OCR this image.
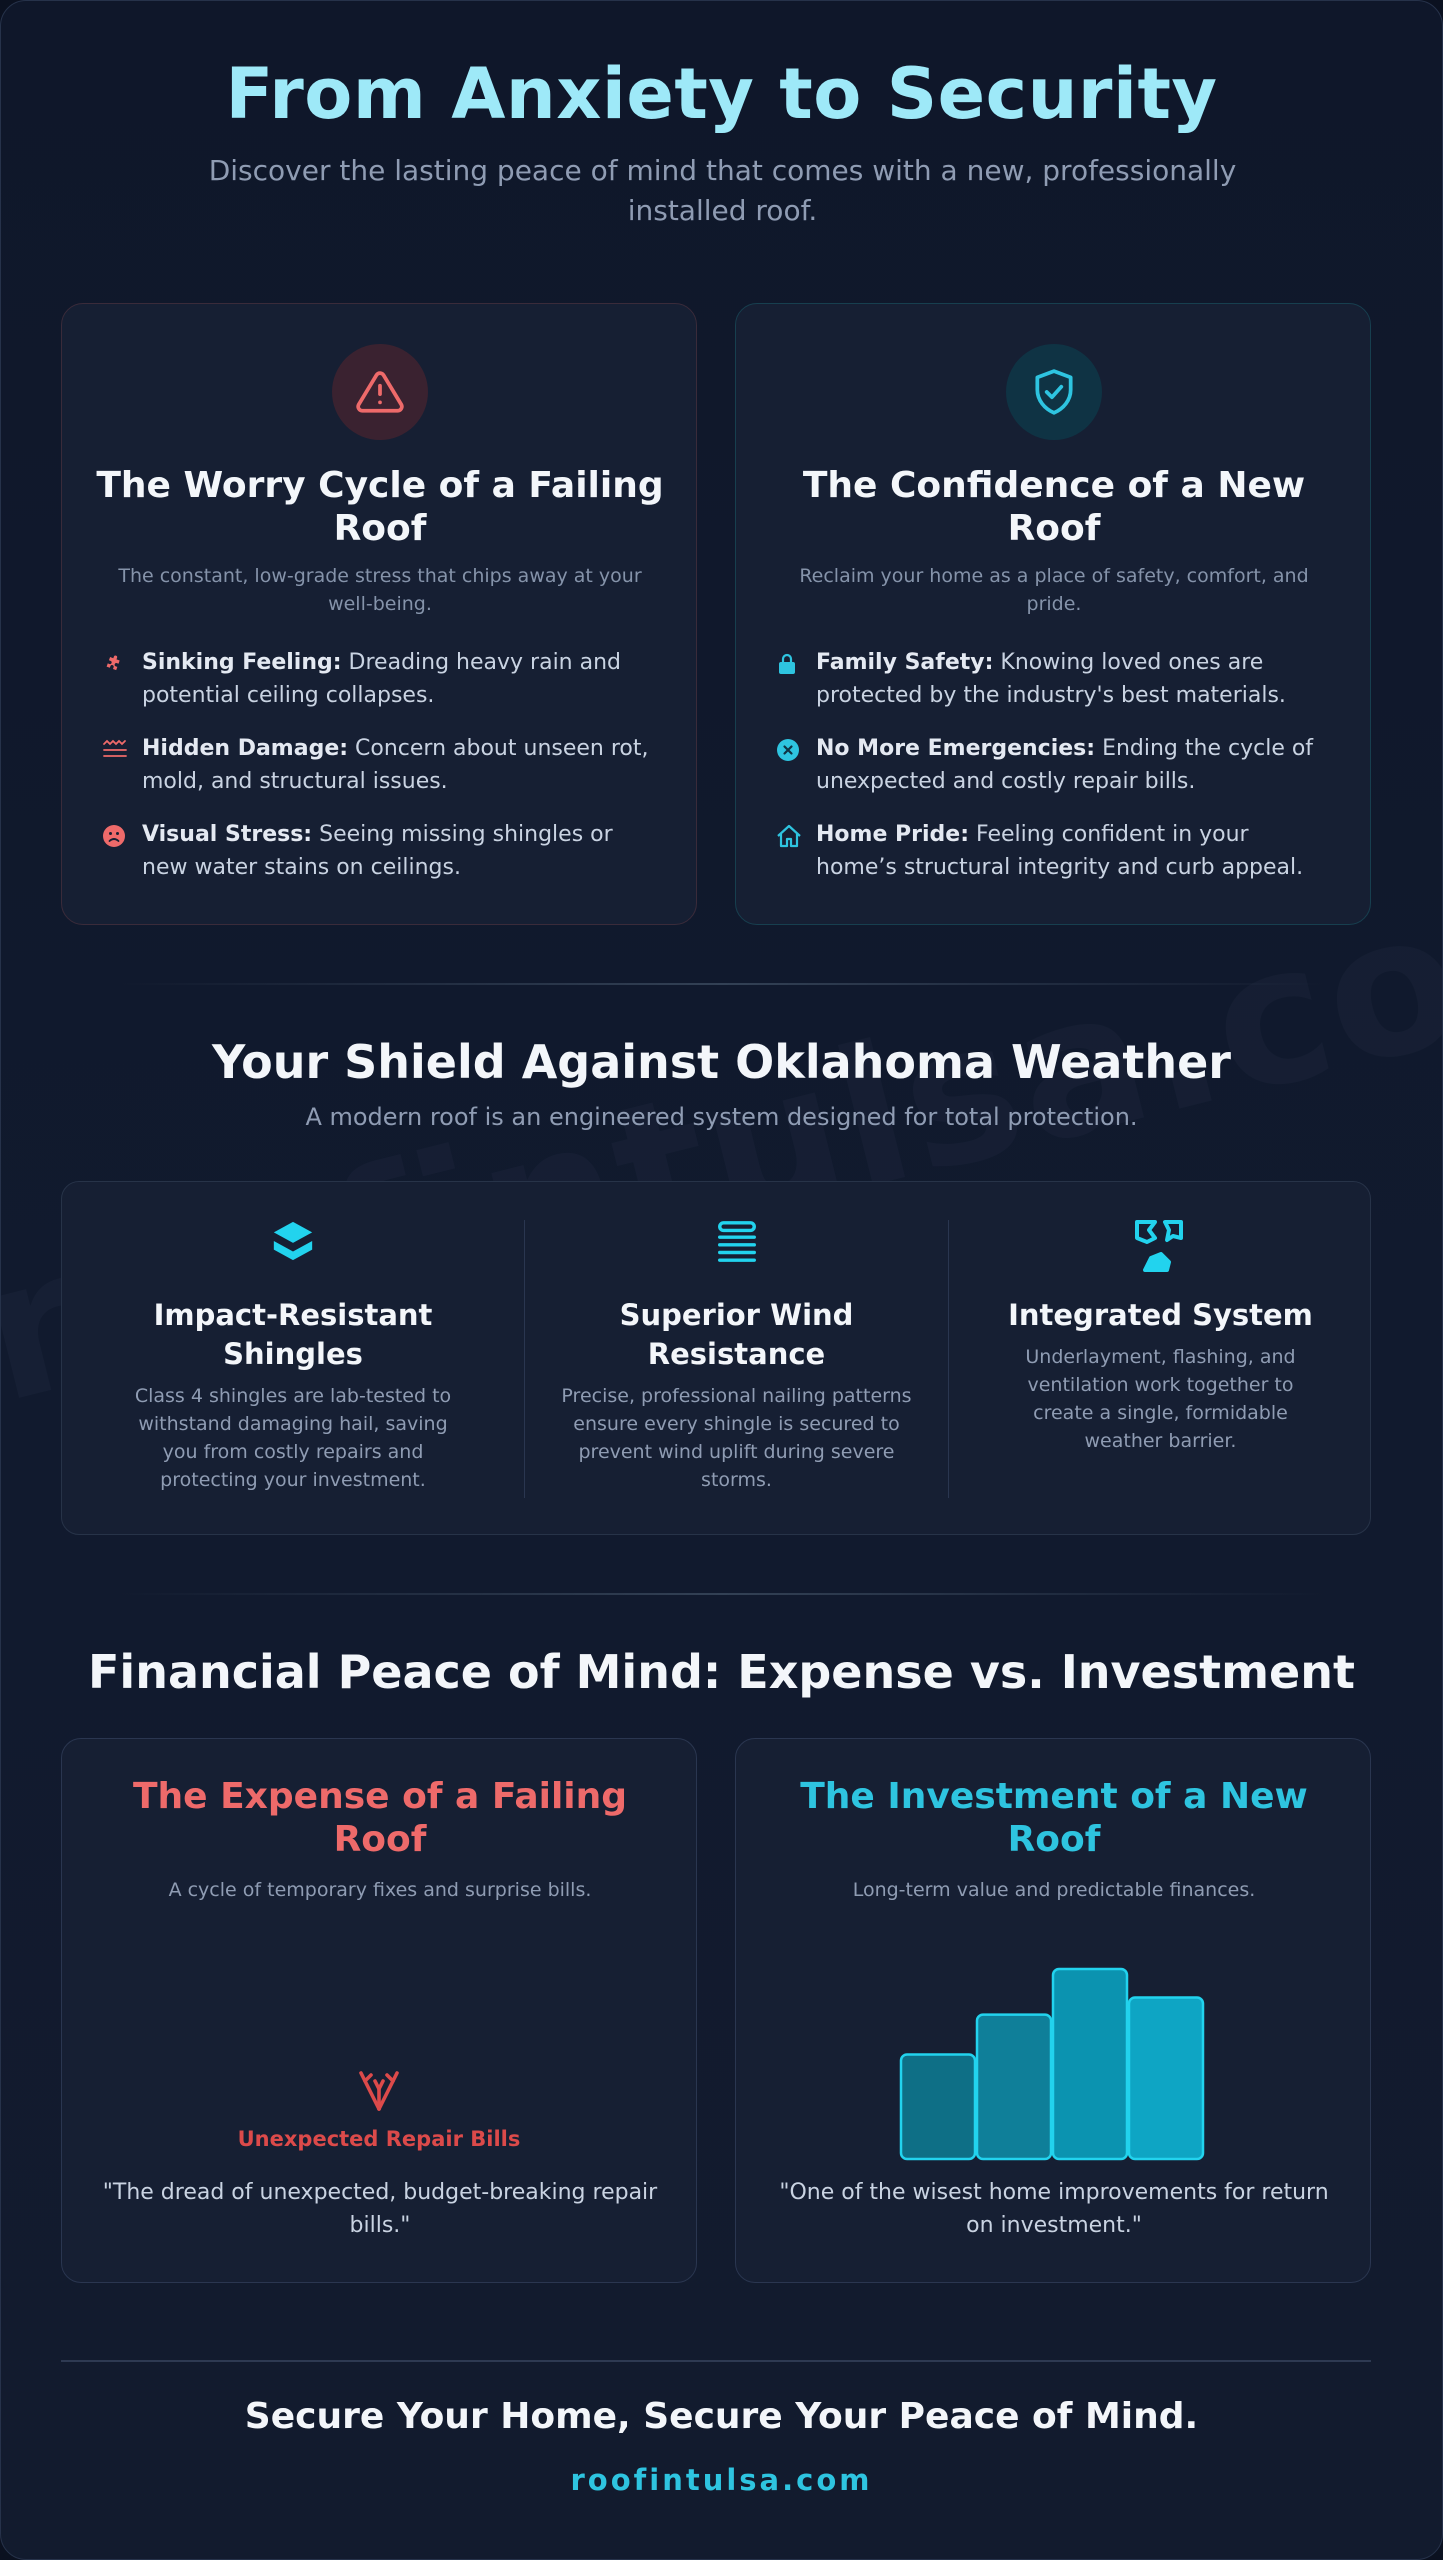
From Anxiety to Security
Discover the lasting peace of mind that comes with a new, professionally installed roof.
The Worry Cycle of a Failing Roof
The constant, low-grade stress that chips away at your well-being.
Sinking Feeling: Dreading heavy rain and potential ceiling collapses.
Hidden Damage: Concern about unseen rot, mold, and structural issues.
Visual Stress: Seeing missing shingles or new water stains on ceilings.
The Confidence of a New Roof
Reclaim your home as a place of safety, comfort, and pride.
Family Safety: Knowing loved ones are protected by the industry's best materials.
No More Emergencies: Ending the cycle of unexpected and costly repair bills.
Home Pride: Feeling confident in your home’s structural integrity and curb appeal.
Your Shield Against Oklahoma Weather
A modern roof is an engineered system designed for total protection.
Impact-Resistant Shingles
Class 4 shingles are lab-tested to withstand damaging hail, saving you from costly repairs and protecting your investment.
Superior Wind Resistance
Precise, professional nailing patterns ensure every shingle is secured to prevent wind uplift during severe storms.
Integrated System
Underlayment, flashing, and ventilation work together to create a single, formidable weather barrier.
Financial Peace of Mind: Expense vs. Investment
The Expense of a Failing Roof
A cycle of temporary fixes and surprise bills.
Unexpected Repair Bills
"The dread of unexpected, budget-breaking repair bills."
The Investment of a New Roof
Long-term value and predictable finances.
"One of the wisest home improvements for return on investment."
Secure Your Home, Secure Your Peace of Mind.
roofintulsa.com
